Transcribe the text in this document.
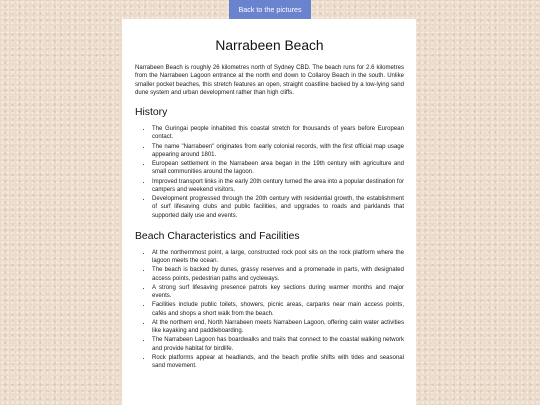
Back to the pictures
Narrabeen Beach

Narrabeen Beach is roughly 26 kilometres north of Sydney CBD. The beach runs for 2.6 kilometres from the Narrabeen Lagoon entrance at the north end down to Collaroy Beach in the south. Unlike smaller pocket beaches, this stretch features an open, straight coastline backed by a low-lying sand dune system and urban development rather than high cliffs.

History
• The Guringai people inhabited this coastal stretch for thousands of years before European contact.
• The name "Narrabeen" originates from early colonial records, with the first official map usage appearing around 1801.
• European settlement in the Narrabeen area began in the 19th century with agriculture and small communities around the lagoon.
• Improved transport links in the early 20th century turned the area into a popular destination for campers and weekend visitors.
• Development progressed through the 20th century with residential growth, the establishment of surf lifesaving clubs and public facilities, and upgrades to roads and parklands that supported daily use and events.
Beach Characteristics and Facilities
• At the northernmost point, a large, constructed rock pool sits on the rock platform where the lagoon meets the ocean.
• The beach is backed by dunes, grassy reserves and a promenade in parts, with designated access points, pedestrian paths and cycleways.
• A strong surf lifesaving presence patrols key sections during warmer months and major events.
• Facilities include public toilets, showers, picnic areas, carparks near main access points, cafés and shops a short walk from the beach.
• At the northern end, North Narrabeen meets Narrabeen Lagoon, offering calm water activities like kayaking and paddleboarding.
• The Narrabeen Lagoon has boardwalks and trails that connect to the coastal walking network and provide habitat for birdlife.
• Rock platforms appear at headlands, and the beach profile shifts with tides and seasonal sand movement.
